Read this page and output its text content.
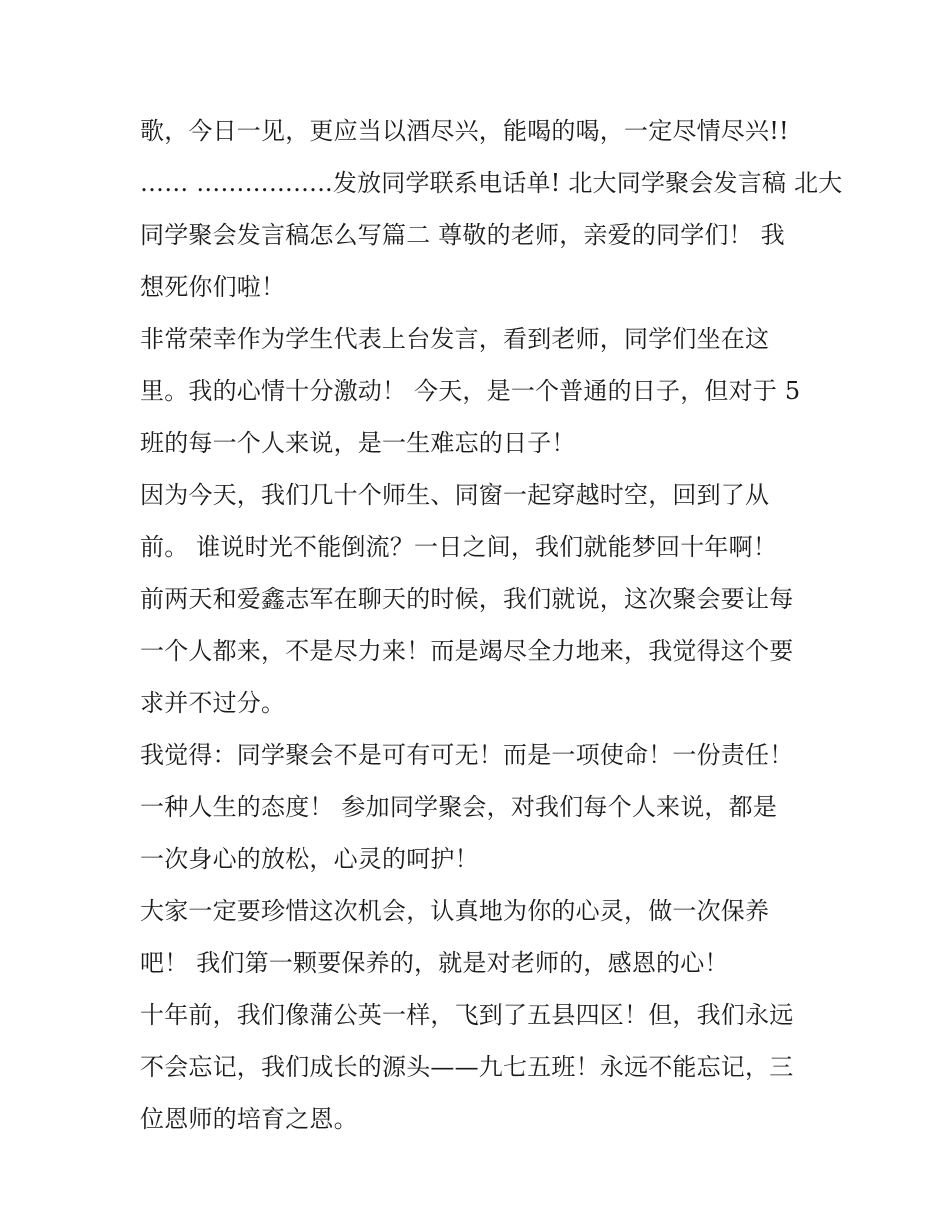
歌，今日一见，更应当以酒尽兴，能喝的喝，一定尽情尽兴!!
…… ……………..发放同学联系电话单! 北大同学聚会发言稿 北大
同学聚会发言稿怎么写篇二 尊敬的老师，亲爱的同学们！ 我
想死你们啦！
非常荣幸作为学生代表上台发言，看到老师，同学们坐在这
里。我的心情十分激动！ 今天，是一个普通的日子，但对于 5
班的每一个人来说，是一生难忘的日子！
因为今天，我们几十个师生、同窗一起穿越时空，回到了从
前。 谁说时光不能倒流？一日之间，我们就能梦回十年啊！
前两天和爱鑫志军在聊天的时候，我们就说，这次聚会要让每
一个人都来，不是尽力来！而是竭尽全力地来，我觉得这个要
求并不过分。
我觉得：同学聚会不是可有可无！而是一项使命！一份责任！
一种人生的态度！ 参加同学聚会，对我们每个人来说，都是
一次身心的放松，心灵的呵护！
大家一定要珍惜这次机会，认真地为你的心灵，做一次保养
吧！ 我们第一颗要保养的，就是对老师的，感恩的心！
十年前，我们像蒲公英一样，飞到了五县四区！但，我们永远
不会忘记，我们成长的源头——九七五班！永远不能忘记，三
位恩师的培育之恩。
